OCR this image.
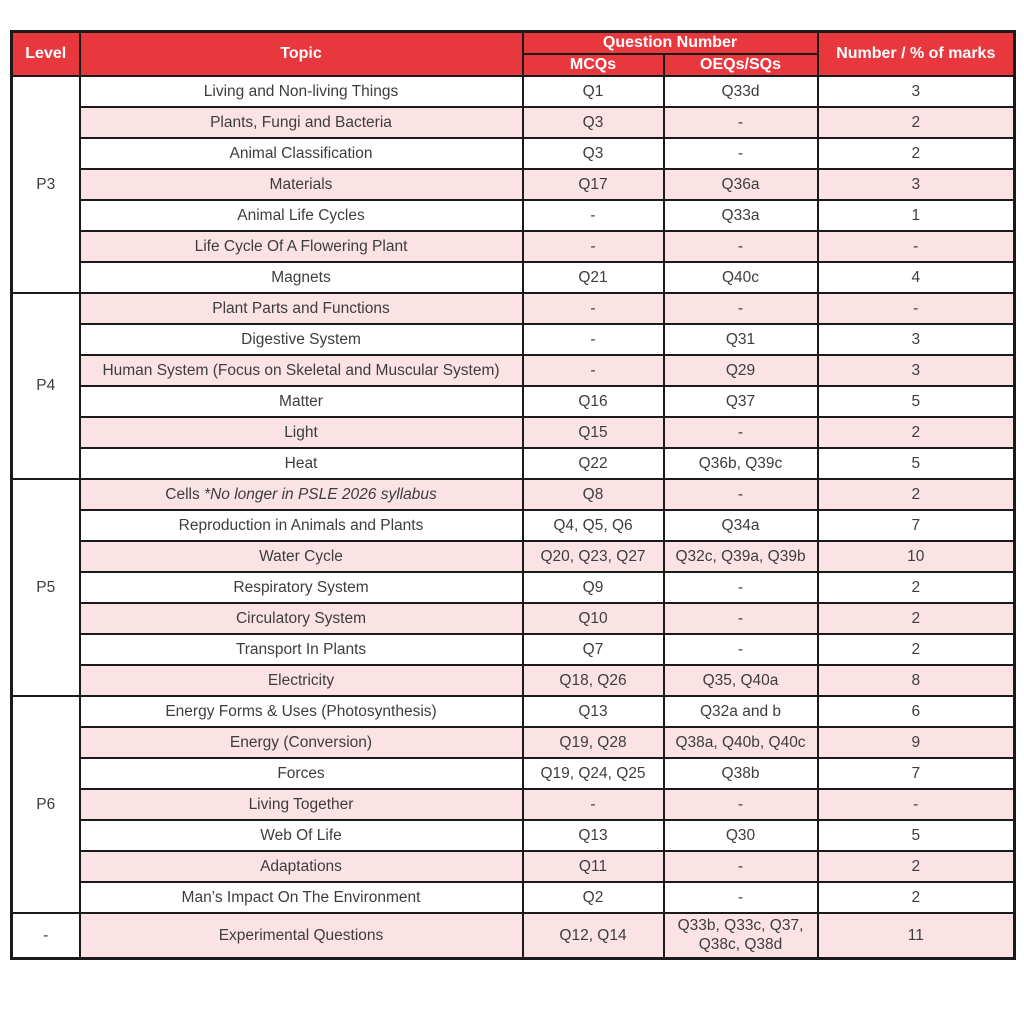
Level	Topic	Question Number		Number / % of marks
		MCQs	OEQs/SQs	
P3	Living and Non-living Things	Q1	Q33d	3
	Plants, Fungi and Bacteria	Q3	-	2
	Animal Classification	Q3	-	2
	Materials	Q17	Q36a	3
	Animal Life Cycles	-	Q33a	1
	Life Cycle Of A Flowering Plant	-	-	-
	Magnets	Q21	Q40c	4
P4	Plant Parts and Functions	-	-	-
	Digestive System	-	Q31	3
	Human System (Focus on Skeletal and Muscular System)	-	Q29	3
	Matter	Q16	Q37	5
	Light	Q15	-	2
	Heat	Q22	Q36b, Q39c	5
P5	Cells *No longer in PSLE 2026 syllabus	Q8	-	2
	Reproduction in Animals and Plants	Q4, Q5, Q6	Q34a	7
	Water Cycle	Q20, Q23, Q27	Q32c, Q39a, Q39b	10
	Respiratory System	Q9	-	2
	Circulatory System	Q10	-	2
	Transport In Plants	Q7	-	2
	Electricity	Q18, Q26	Q35, Q40a	8
P6	Energy Forms & Uses (Photosynthesis)	Q13	Q32a and b	6
	Energy (Conversion)	Q19, Q28	Q38a, Q40b, Q40c	9
	Forces	Q19, Q24, Q25	Q38b	7
	Living Together	-	-	-
	Web Of Life	Q13	Q30	5
	Adaptations	Q11	-	2
	Man’s Impact On The Environment	Q2	-	2
-	Experimental Questions	Q12, Q14	Q33b, Q33c, Q37, Q38c, Q38d	11
